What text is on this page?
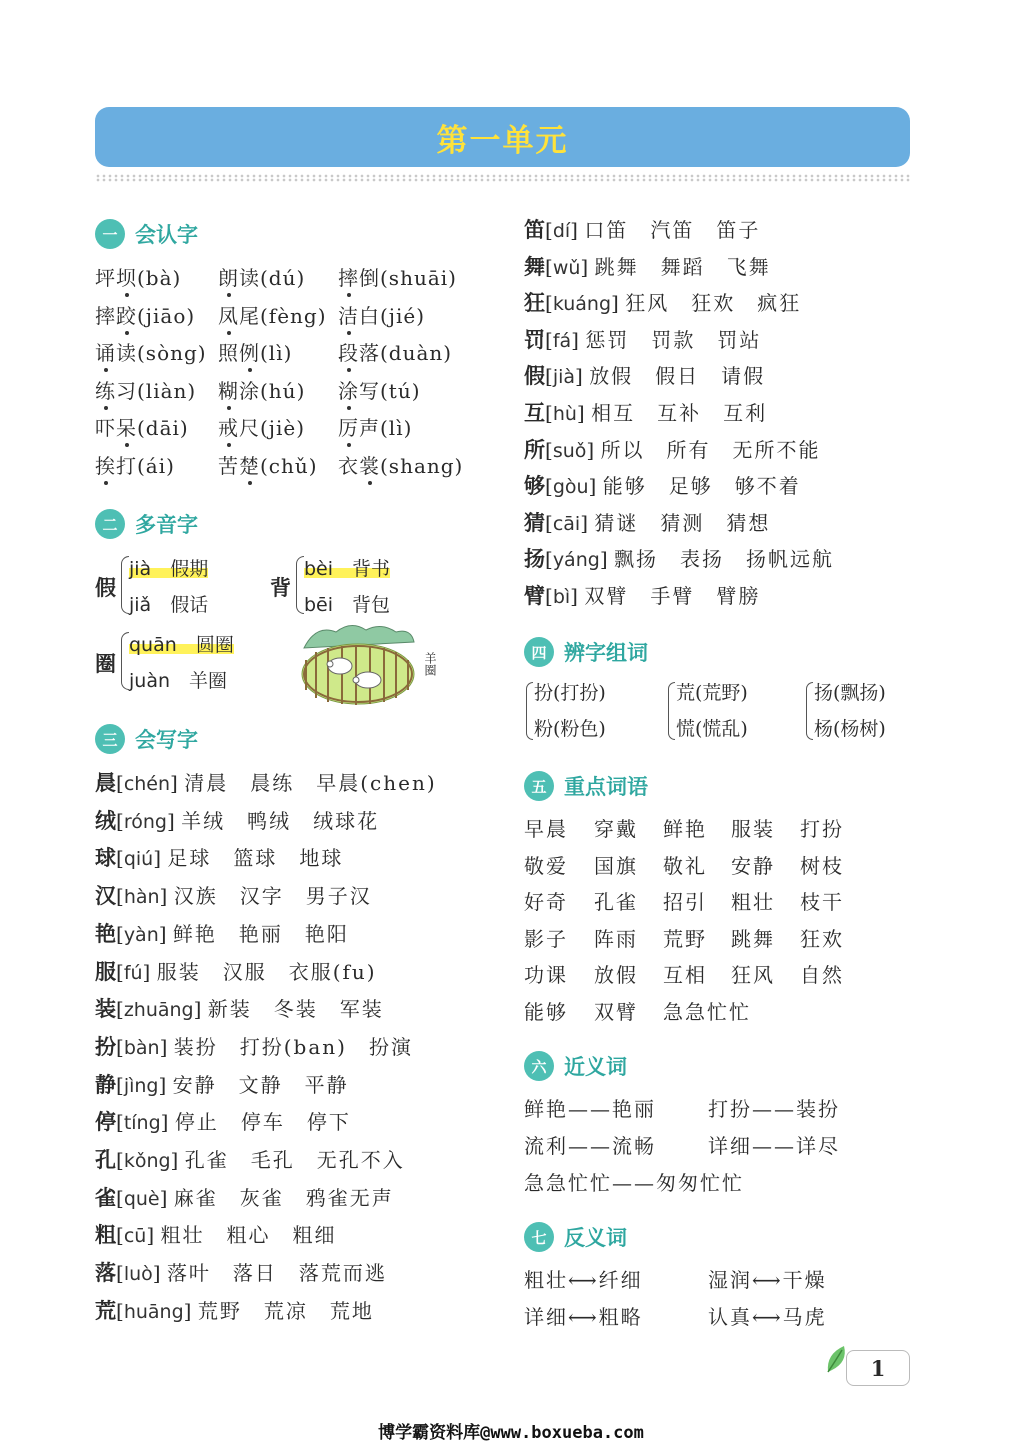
第一单元
一 会认字
坪坝(bà) 朗读(dú) 摔倒(shuāi)
摔跤(jiāo) 凤尾(fèng) 洁白(jié)
诵读(sòng) 照例(lì) 段落(duàn)
练习(liàn) 糊涂(hú) 涂写(tú)
吓呆(dāi) 戒尺(jiè) 厉声(lì)
挨打(ái) 苦楚(chǔ) 衣裳(shang)
二 多音字
假
jià　 假期
jiǎ　 假话
背
bèi　 背书
bēi　 背包
圈
quān　 圆圈
juàn　 羊圈
羊圈
三 会写字
晨[chén] 清晨　晨练　早晨(chen)
绒[róng] 羊绒　鸭绒　绒球花
球[qiú] 足球　篮球　地球
汉[hàn] 汉族　汉字　男子汉
艳[yàn] 鲜艳　艳丽　艳阳
服[fú] 服装　汉服　衣服(fu)
装[zhuāng] 新装　冬装　军装
扮[bàn] 装扮　打扮(ban)　扮演
静[jìng] 安静　文静　平静
停[tíng] 停止　停车　停下
孔[kǒng] 孔雀　毛孔　无孔不入
雀[què] 麻雀　灰雀　鸦雀无声
粗[cū] 粗壮　粗心　粗细
落[luò] 落叶　落日　落荒而逃
荒[huāng] 荒野　荒凉　荒地
笛[dí] 口笛　汽笛　笛子
舞[wǔ] 跳舞　舞蹈　飞舞
狂[kuáng] 狂风　狂欢　疯狂
罚[fá] 惩罚　罚款　罚站
假[jià] 放假　假日　请假
互[hù] 相互　互补　互利
所[suǒ] 所以　所有　无所不能
够[gòu] 能够　足够　够不着
猜[cāi] 猜谜　猜测　猜想
扬[yáng] 飘扬　表扬　扬帆远航
臂[bì] 双臂　手臂　臂膀
四 辨字组词
扮(打扮)
粉(粉色)
荒(荒野)
慌(慌乱)
扬(飘扬)
杨(杨树)
五 重点词语
早晨 穿戴 鲜艳 服装 打扮
敬爱 国旗 敬礼 安静 树枝
好奇 孔雀 招引 粗壮 枝干
影子 阵雨 荒野 跳舞 狂欢
功课 放假 互相 狂风 自然
能够 双臂 急急忙忙
六 近义词
鲜艳——艳丽	打扮——装扮
流利——流畅	详细——详尽
急急忙忙——匆匆忙忙
七 反义词
粗壮⟷纤细	湿润⟷干燥
详细⟷粗略	认真⟷马虎
1
博学霸资料库@www.boxueba.com
